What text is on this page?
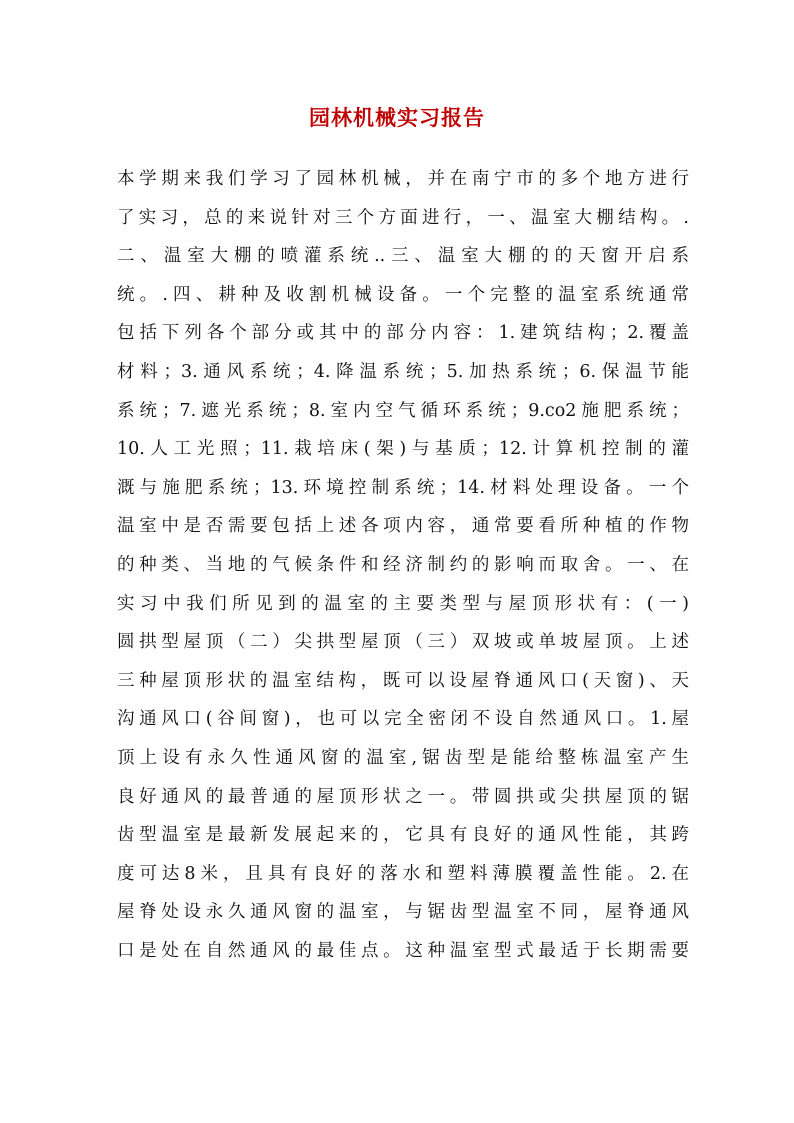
园林机械实习报告
本学期来我们学习了园林机械，并在南宁市的多个地方进行
了实习，总的来说针对三个方面进行，一、温室大棚结构。.
二、温室大棚的喷灌系统..三、温室大棚的的天窗开启系
统。.四、耕种及收割机械设备。一个完整的温室系统通常
包括下列各个部分或其中的部分内容：1.建筑结构；2.覆盖
材料；3.通风系统；4.降温系统；5.加热系统；6.保温节能
系统；7.遮光系统；8.室内空气循环系统；9.co2施肥系统；
10.人工光照；11.栽培床(架)与基质；12.计算机控制的灌
溉与施肥系统；13.环境控制系统；14.材料处理设备。一个
温室中是否需要包括上述各项内容，通常要看所种植的作物
的种类、当地的气候条件和经济制约的影响而取舍。一、在
实习中我们所见到的温室的主要类型与屋顶形状有：(一)
圆拱型屋顶（二）尖拱型屋顶（三）双坡或单坡屋顶。上述
三种屋顶形状的温室结构，既可以设屋脊通风口(天窗)、天
沟通风口(谷间窗)，也可以完全密闭不设自然通风口。1.屋
顶上设有永久性通风窗的温室,锯齿型是能给整栋温室产生
良好通风的最普通的屋顶形状之一。带圆拱或尖拱屋顶的锯
齿型温室是最新发展起来的，它具有良好的通风性能，其跨
度可达8米，且具有良好的落水和塑料薄膜覆盖性能。2.在
屋脊处设永久通风窗的温室，与锯齿型温室不同，屋脊通风
口是处在自然通风的最佳点。这种温室型式最适于长期需要
